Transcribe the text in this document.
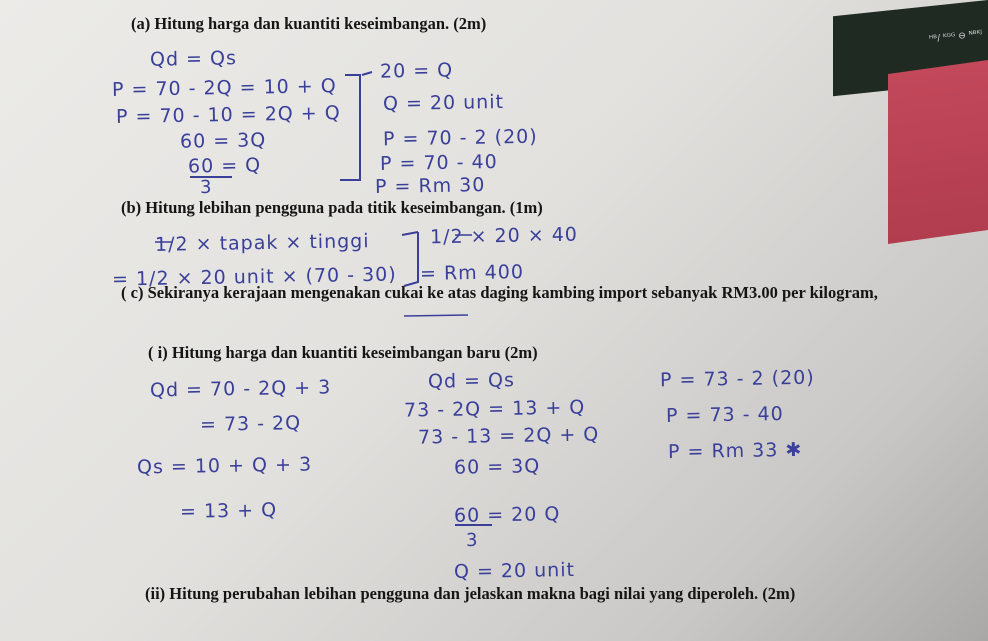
ᴴᴮ/ ᴷᴳᴳ ⊖ ᴺᴮᴷᴶ
(a) Hitung harga dan kuantiti keseimbangan. (2m)
(b) Hitung lebihan pengguna pada titik keseimbangan. (1m)
( c) Sekiranya kerajaan mengenakan cukai ke atas daging kambing import sebanyak RM3.00 per kilogram,
( i) Hitung harga dan kuantiti keseimbangan baru (2m)
(ii) Hitung perubahan lebihan pengguna dan jelaskan makna bagi nilai yang diperoleh. (2m)
Qd = Qs
P = 70 - 2Q = 10 + Q
P = 70 - 10 = 2Q + Q
60 = 3Q
60 = Q
3
20 = Q
Q = 20 unit
P = 70 - 2 (20)
P = 70 - 40
P = Rm 30
1/2 × tapak × tinggi
= 1/2 × 20 unit × (70 - 30)
1/2 × 20 × 40
= Rm 400
Qd = 70 - 2Q + 3
= 73 - 2Q
Qs = 10 + Q + 3
= 13 + Q
Qd = Qs
73 - 2Q = 13 + Q
73 - 13 = 2Q + Q
60 = 3Q
60 = 20 Q
3
Q = 20 unit
P = 73 - 2 (20)
P = 73 - 40
P = Rm 33 ✱
